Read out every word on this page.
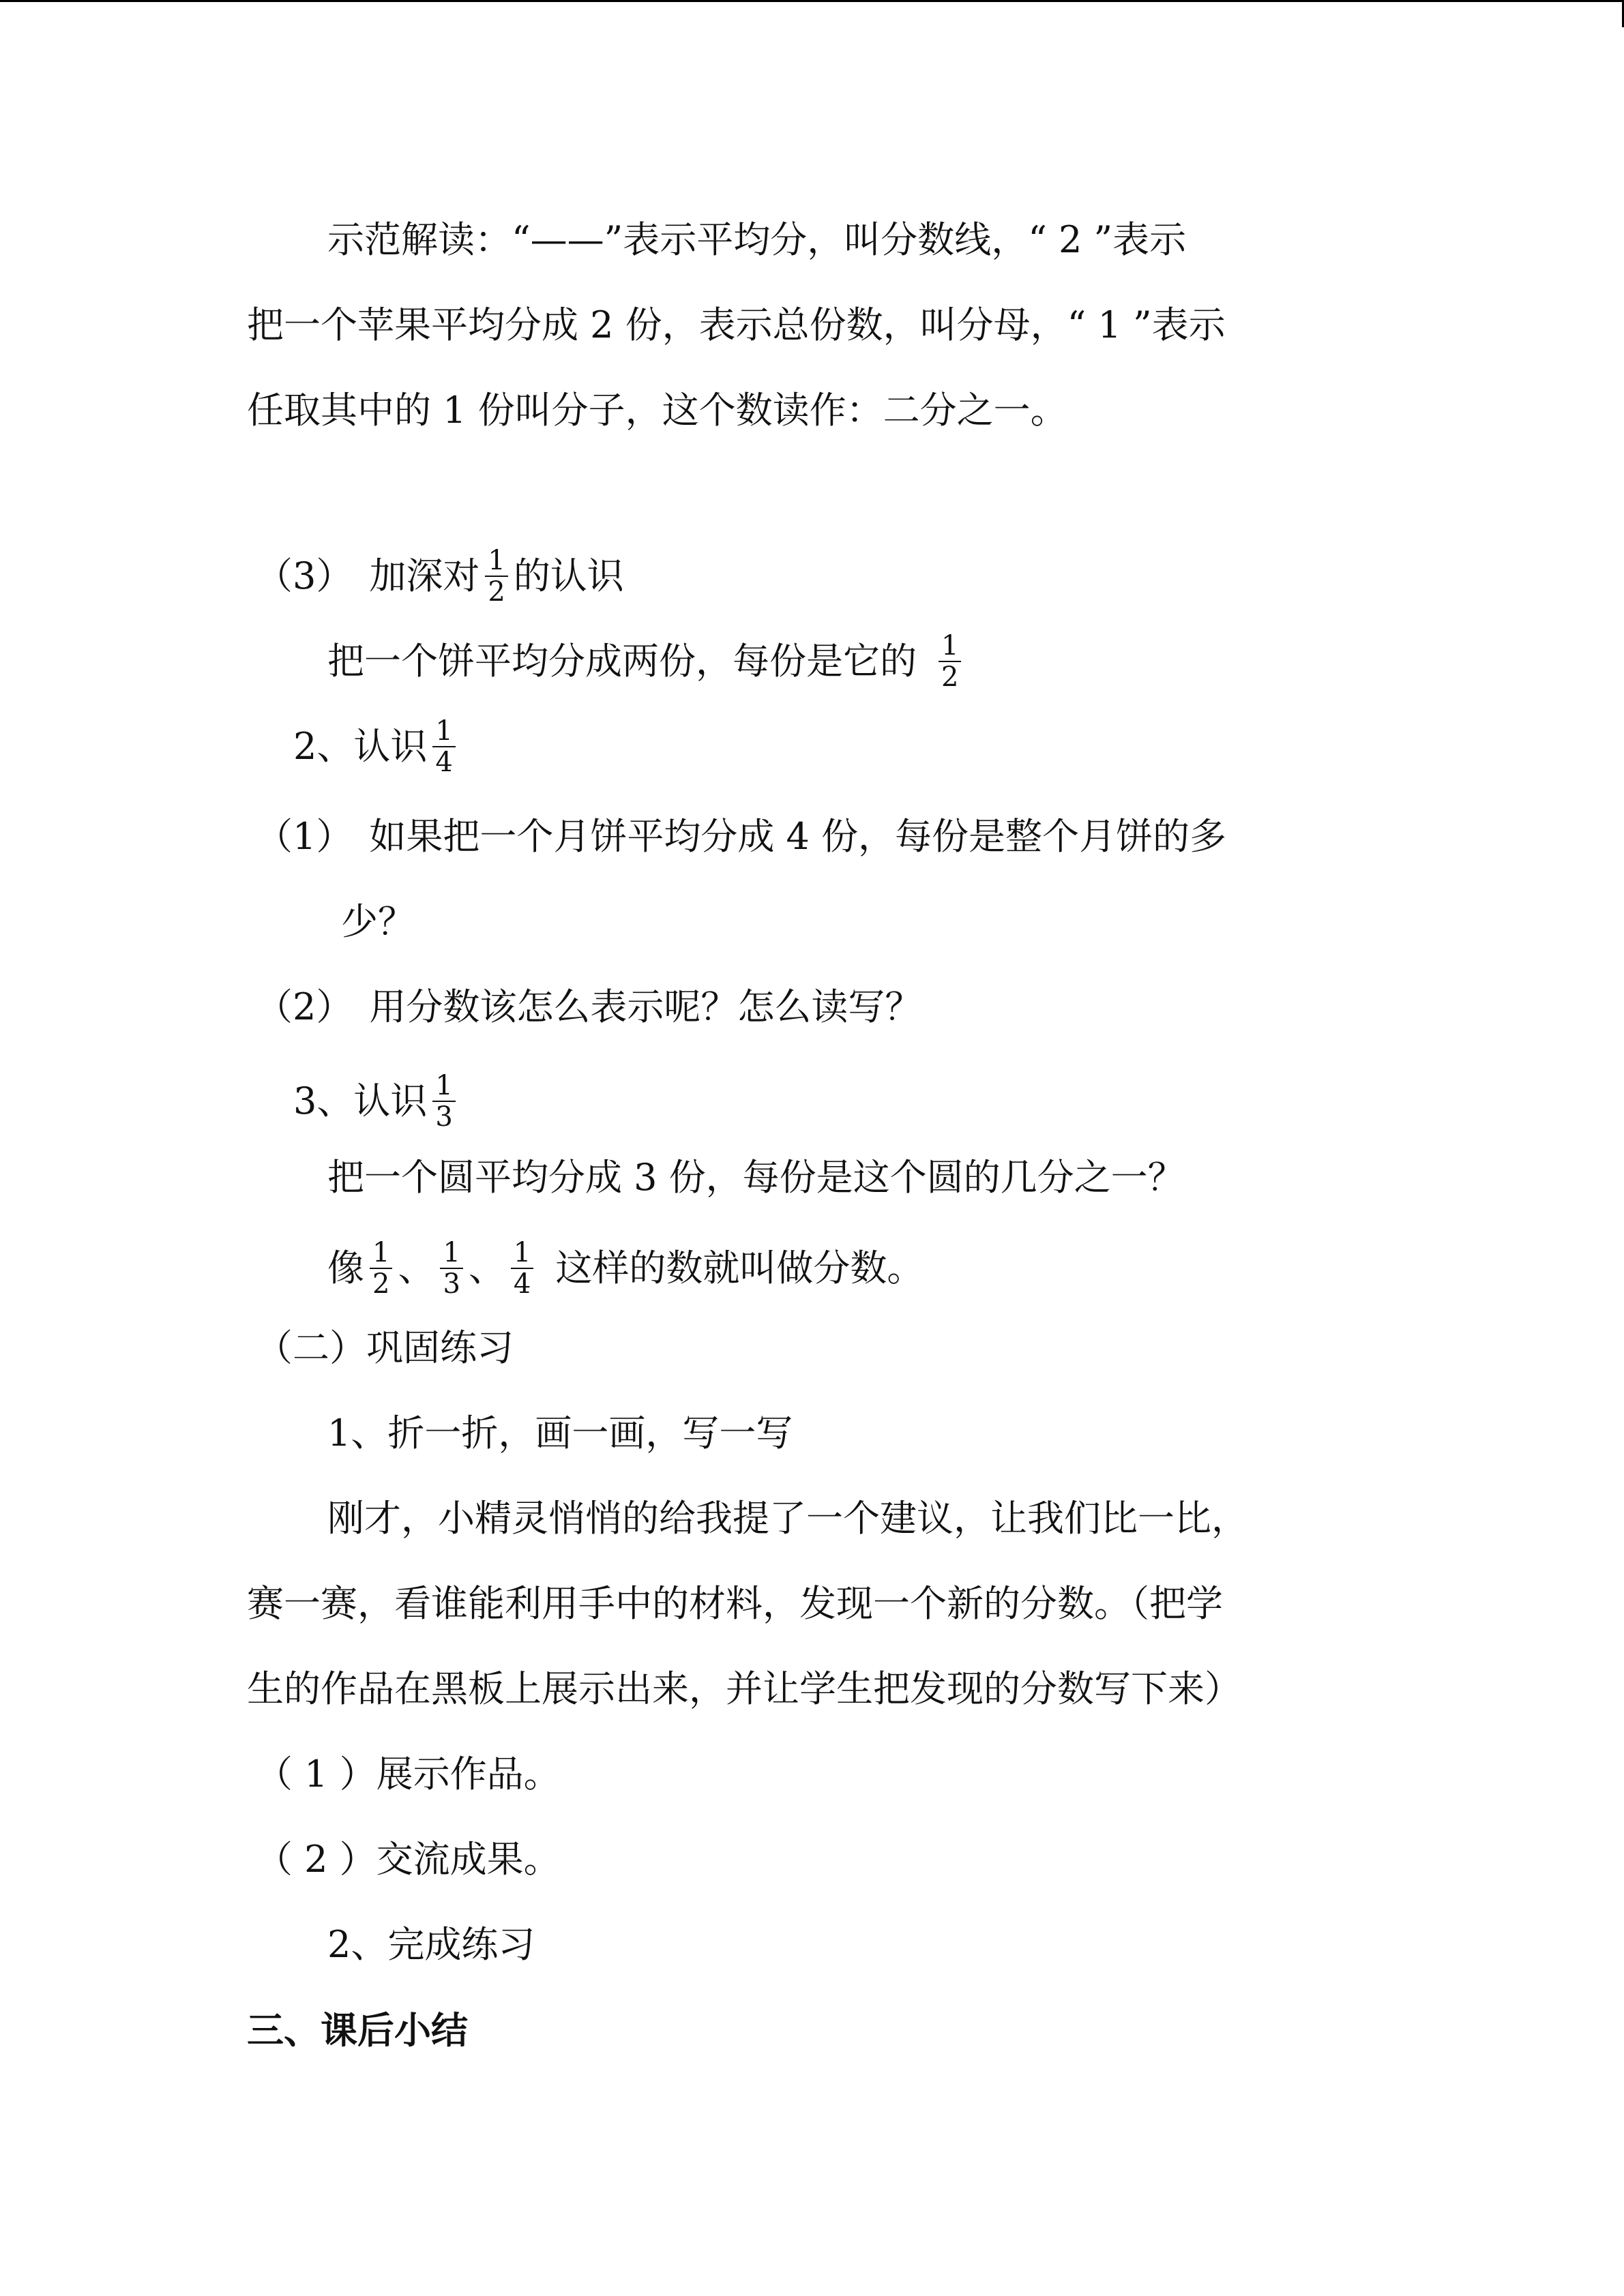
示范解读：“——”表示平均分，叫分数线，“ 2 ”表示
把一个苹果平均分成 2 份，表示总份数，叫分母，“ 1 ”表示
任取其中的 1 份叫分子，这个数读作：二分之一。
（3） 加深对 $\frac{1}{2}$ 的认识
把一个饼平均分成两份，每份是它的 $\frac{1}{2}$
2、认识 $\frac{1}{4}$
（1） 如果把一个月饼平均分成 4 份，每份是整个月饼的多
少？
（2） 用分数该怎么表示呢？怎么读写？
3、认识 $\frac{1}{3}$
把一个圆平均分成 3 份，每份是这个圆的几分之一？
像 $\frac{1}{2}$ 、 $\frac{1}{3}$ 、 $\frac{1}{4}$ 这样的数就叫做分数。
（二）巩固练习
1、折一折，画一画，写一写
刚才，小精灵悄悄的给我提了一个建议，让我们比一比，
赛一赛，看谁能利用手中的材料，发现一个新的分数。（把学
生的作品在黑板上展示出来，并让学生把发现的分数写下来）
（ 1 ）展示作品。
（ 2 ）交流成果。
2、完成练习
三、课后小结
